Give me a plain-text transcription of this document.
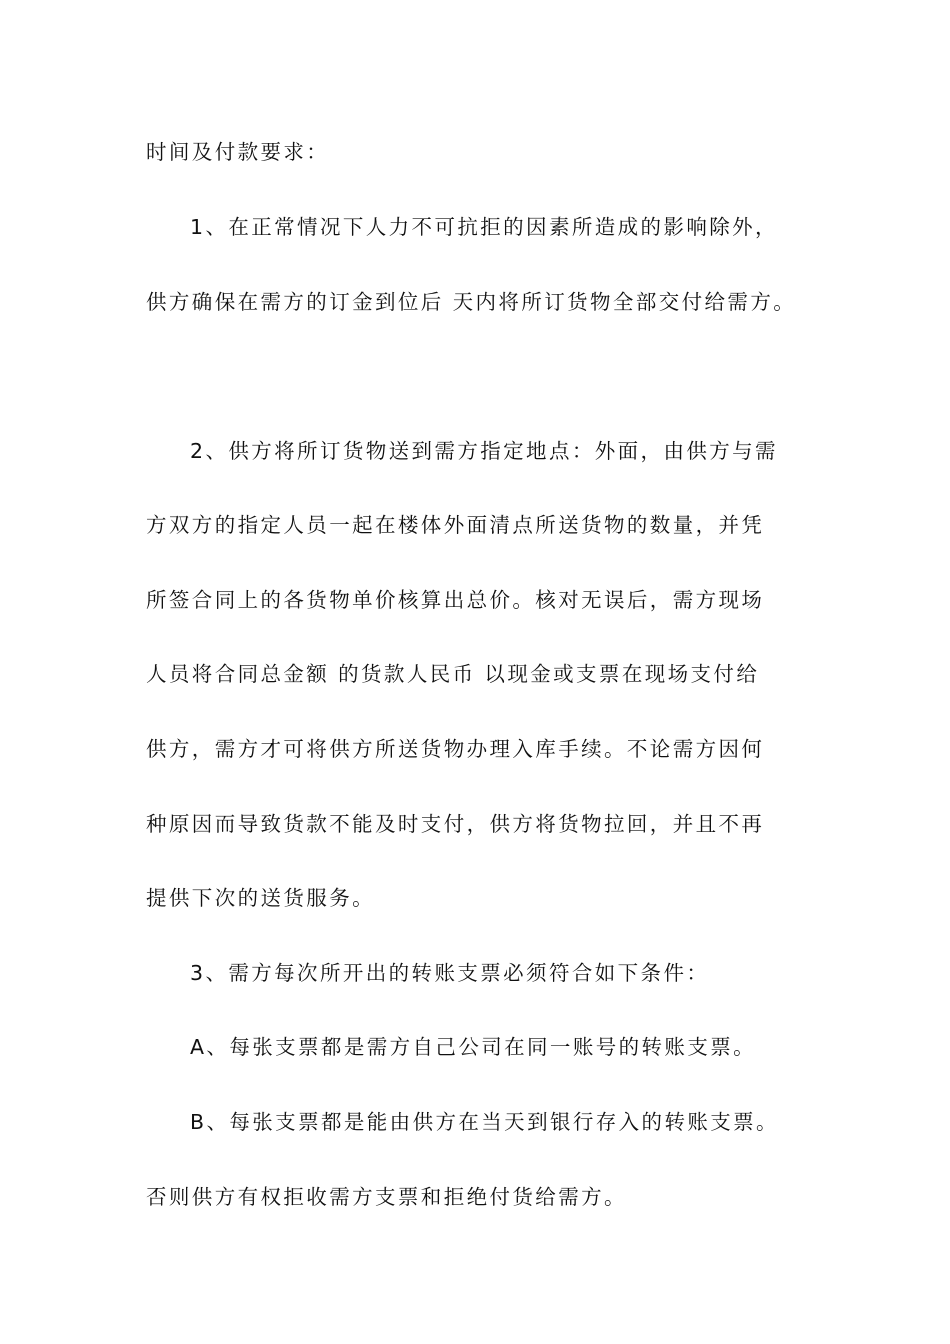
时间及付款要求：

1、在正常情况下人力不可抗拒的因素所造成的影响除外，

供方确保在需方的订金到位后 天内将所订货物全部交付给需方。

2、供方将所订货物送到需方指定地点：外面，由供方与需

方双方的指定人员一起在楼体外面清点所送货物的数量，并凭

所签合同上的各货物单价核算出总价。核对无误后，需方现场

人员将合同总金额 的货款人民币 以现金或支票在现场支付给

供方，需方才可将供方所送货物办理入库手续。不论需方因何

种原因而导致货款不能及时支付，供方将货物拉回，并且不再

提供下次的送货服务。

3、需方每次所开出的转账支票必须符合如下条件：

A、每张支票都是需方自己公司在同一账号的转账支票。

B、每张支票都是能由供方在当天到银行存入的转账支票。

否则供方有权拒收需方支票和拒绝付货给需方。
